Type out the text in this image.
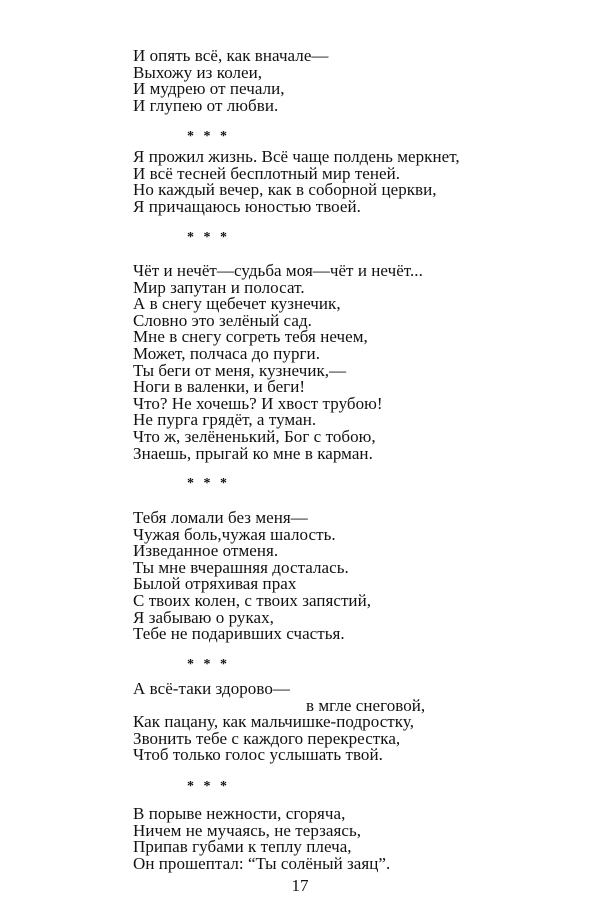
И опять всё, как вначале—
Выхожу из колеи,
И мудрею от печали,
И глупею от любви.
* * *
Я прожил жизнь. Всё чаще полдень меркнет,
И всё тесней бесплотный мир теней.
Но каждый вечер, как в соборной церкви,
Я причащаюсь юностью твоей.
* * *
Чёт и нечёт—судьба моя—чёт и нечёт...
Мир запутан и полосат.
А в снегу щебечет кузнечик,
Словно это зелёный сад.
Мне в снегу согреть тебя нечем,
Может, полчаса до пурги.
Ты беги от меня, кузнечик,—
Ноги в валенки, и беги!
Что? Не хочешь? И хвост трубою!
Не пурга грядёт, а туман.
Что ж, зелёненький, Бог с тобою,
Знаешь, прыгай ко мне в карман.
* * *
Тебя ломали без меня—
Чужая боль,чужая шалость.
Изведанное отменя.
Ты мне вчерашняя досталась.
Былой отряхивая прах
С твоих колен, с твоих запястий,
Я забываю о руках,
Тебе не подаривших счастья.
* * *
А всё-таки здорово—
в мгле снеговой,
Как пацану, как мальчишке-подростку,
Звонить тебе с каждого перекрестка,
Чтоб только голос услышать твой.
* * *
В порыве нежности, сгоряча,
Ничем не мучаясь, не терзаясь,
Припав губами к теплу плеча,
Он прошептал: “Ты солёный заяц”.
17
